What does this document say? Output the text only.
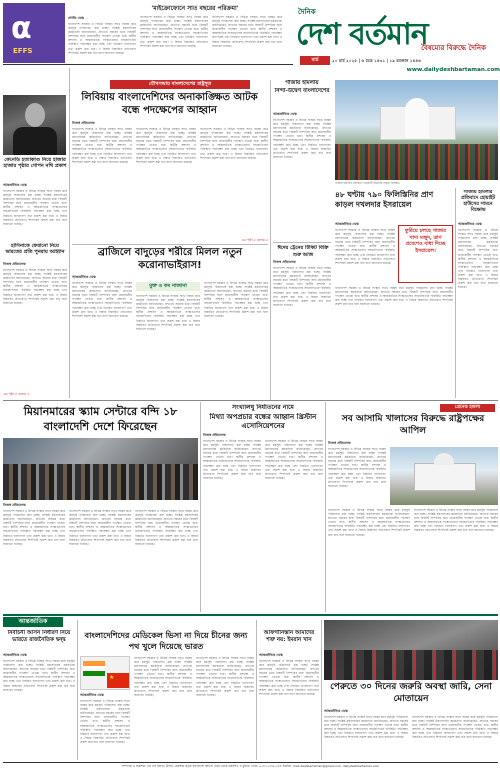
α
EFFS
'মাইক্রোফোনে সাত বছরের পরিক্রমা'
প্রগতি ডেস্ক
বাংলাদেশ সরকার ও বিভিন্ন সংস্থার সাথে সমন্বয় করে কর্মসূচি পরিচালনা করা হচ্ছে। সংশ্লিষ্ট মন্ত্রণালয়ের কর্মকর্তারা জানিয়েছেন, দ্রুততম সময়ের মধ্যে বিষয়টি নিষ্পত্তির জন্য প্রয়োজনীয় পদক্ষেপ নেওয়া হবে। স্থানীয় প্রশাসন ও আন্তর্জাতিক সংস্থাগুলোর সহযোগিতায় পরিস্থিতি পর্যবেক্ষণ করা হচ্ছে এবং নিয়মিত হালনাগাদ তথ্য প্রকাশ করা হবে। এ বিষয়ে বিস্তারিত প্রতিবেদন শিগগিরই প্রকাশ করা হবে বলে জানানো হয়েছে।
বাংলাদেশ সরকার ও বিভিন্ন সংস্থার সাথে সমন্বয় করে কর্মসূচি পরিচালনা করা হচ্ছে। সংশ্লিষ্ট মন্ত্রণালয়ের কর্মকর্তারা জানিয়েছেন, দ্রুততম সময়ের মধ্যে বিষয়টি নিষ্পত্তির জন্য প্রয়োজনীয় পদক্ষেপ নেওয়া হবে। স্থানীয় প্রশাসন ও আন্তর্জাতিক সংস্থাগুলোর সহযোগিতায় পরিস্থিতি পর্যবেক্ষণ করা হচ্ছে এবং নিয়মিত হালনাগাদ তথ্য প্রকাশ করা হবে। এ বিষয়ে বিস্তারিত প্রতিবেদন শিগগিরই প্রকাশ করা হবে বলে জানানো হয়েছে।
বাংলাদেশ সরকার ও বিভিন্ন সংস্থার সাথে সমন্বয় করে কর্মসূচি পরিচালনা করা হচ্ছে। সংশ্লিষ্ট মন্ত্রণালয়ের কর্মকর্তারা জানিয়েছেন, দ্রুততম সময়ের মধ্যে বিষয়টি নিষ্পত্তির জন্য প্রয়োজনীয় পদক্ষেপ নেওয়া হবে। স্থানীয় প্রশাসন ও আন্তর্জাতিক সংস্থাগুলোর সহযোগিতায় পরিস্থিতি পর্যবেক্ষণ করা হচ্ছে এবং নিয়মিত হালনাগাদ তথ্য প্রকাশ করা হবে। এ বিষয়ে বিস্তারিত প্রতিবেদন শিগগিরই প্রকাশ করা হবে বলে জানানো হয়েছে।
দৈনিক
দেশ বর্তমান
বৈষম্যের বিরুদ্ধে দৈনিক
মার্চ	২০ মার্চ ২০২৫ | ৬ চৈত্র ১৪৩১ | ১৯ রমজান ১৪৪৬
www.dailydeshbartaman.com
কেনেডি হত্যাকাণ্ড নিয়ে হাজার হাজার পৃষ্ঠার গোপন নথি প্রকাশ
আন্তর্জাতিক ডেস্ক
বাংলাদেশ সরকার ও বিভিন্ন সংস্থার সাথে সমন্বয় করে কর্মসূচি পরিচালনা করা হচ্ছে। সংশ্লিষ্ট মন্ত্রণালয়ের কর্মকর্তারা জানিয়েছেন, দ্রুততম সময়ের মধ্যে বিষয়টি নিষ্পত্তির জন্য প্রয়োজনীয় পদক্ষেপ নেওয়া হবে। স্থানীয় প্রশাসন ও আন্তর্জাতিক সংস্থাগুলোর সহযোগিতায় পরিস্থিতি পর্যবেক্ষণ করা হচ্ছে এবং নিয়মিত হালনাগাদ তথ্য প্রকাশ করা হবে। এ বিষয়ে বিস্তারিত প্রতিবেদন শিগগিরই প্রকাশ করা হবে বলে জানানো হয়েছে।
হাসিনাকে ফেরানো নিয়ে ভারতের প্রতি পুনরায় আহ্বান
নিজস্ব প্রতিবেদক
বাংলাদেশ সরকার ও বিভিন্ন সংস্থার সাথে সমন্বয় করে কর্মসূচি পরিচালনা করা হচ্ছে। সংশ্লিষ্ট মন্ত্রণালয়ের কর্মকর্তারা জানিয়েছেন, দ্রুততম সময়ের মধ্যে বিষয়টি নিষ্পত্তির জন্য প্রয়োজনীয় পদক্ষেপ নেওয়া হবে। স্থানীয় প্রশাসন ও আন্তর্জাতিক সংস্থাগুলোর সহযোগিতায় পরিস্থিতি পর্যবেক্ষণ করা হচ্ছে এবং নিয়মিত হালনাগাদ তথ্য প্রকাশ করা হবে। এ বিষয়ে বিস্তারিত প্রতিবেদন শিগগিরই প্রকাশ করা হবে বলে জানানো হয়েছে।
এর পৃষ্ঠা ৮ কলাম ৫
যৌথসভায় বাংলাদেশের রাষ্ট্রদূত
লিবিয়ায় বাংলাদেশিদের অনাকাঙ্ক্ষিত আটক বন্ধে পদক্ষেপের আহ্বান
নিজস্ব প্রতিবেদক
বাংলাদেশ সরকার ও বিভিন্ন সংস্থার সাথে সমন্বয় করে কর্মসূচি পরিচালনা করা হচ্ছে। সংশ্লিষ্ট মন্ত্রণালয়ের কর্মকর্তারা জানিয়েছেন, দ্রুততম সময়ের মধ্যে বিষয়টি নিষ্পত্তির জন্য প্রয়োজনীয় পদক্ষেপ নেওয়া হবে। স্থানীয় প্রশাসন ও আন্তর্জাতিক সংস্থাগুলোর সহযোগিতায় পরিস্থিতি পর্যবেক্ষণ করা হচ্ছে এবং নিয়মিত হালনাগাদ তথ্য প্রকাশ করা হবে। এ বিষয়ে বিস্তারিত প্রতিবেদন শিগগিরই প্রকাশ করা হবে বলে জানানো হয়েছে।
বাংলাদেশ সরকার ও বিভিন্ন সংস্থার সাথে সমন্বয় করে কর্মসূচি পরিচালনা করা হচ্ছে। সংশ্লিষ্ট মন্ত্রণালয়ের কর্মকর্তারা জানিয়েছেন, দ্রুততম সময়ের মধ্যে বিষয়টি নিষ্পত্তির জন্য প্রয়োজনীয় পদক্ষেপ নেওয়া হবে। স্থানীয় প্রশাসন ও আন্তর্জাতিক সংস্থাগুলোর সহযোগিতায় পরিস্থিতি পর্যবেক্ষণ করা হচ্ছে এবং নিয়মিত হালনাগাদ তথ্য প্রকাশ করা হবে। এ বিষয়ে বিস্তারিত প্রতিবেদন শিগগিরই প্রকাশ করা হবে বলে জানানো হয়েছে।
বাংলাদেশ সরকার ও বিভিন্ন সংস্থার সাথে সমন্বয় করে কর্মসূচি পরিচালনা করা হচ্ছে। সংশ্লিষ্ট মন্ত্রণালয়ের কর্মকর্তারা জানিয়েছেন, দ্রুততম সময়ের মধ্যে বিষয়টি নিষ্পত্তির জন্য প্রয়োজনীয় পদক্ষেপ নেওয়া হবে। স্থানীয় প্রশাসন ও আন্তর্জাতিক সংস্থাগুলোর সহযোগিতায় পরিস্থিতি পর্যবেক্ষণ করা হচ্ছে এবং নিয়মিত হালনাগাদ তথ্য প্রকাশ করা হবে। এ বিষয়ে বিস্তারিত প্রতিবেদন শিগগিরই প্রকাশ করা হবে বলে জানানো হয়েছে।
এর পৃষ্ঠা ৮ কলাম ৫
গাজায় হামলায়
নিন্দা-উদ্বেগ বাংলাদেশের
আন্তর্জাতিক ডেস্ক
বাংলাদেশ সরকার ও বিভিন্ন সংস্থার সাথে সমন্বয় করে কর্মসূচি পরিচালনা করা হচ্ছে। সংশ্লিষ্ট মন্ত্রণালয়ের কর্মকর্তারা জানিয়েছেন, দ্রুততম সময়ের মধ্যে বিষয়টি নিষ্পত্তির জন্য প্রয়োজনীয় পদক্ষেপ নেওয়া হবে। স্থানীয় প্রশাসন ও আন্তর্জাতিক সংস্থাগুলোর সহযোগিতায় পরিস্থিতি পর্যবেক্ষণ করা হচ্ছে এবং নিয়মিত হালনাগাদ তথ্য প্রকাশ করা হবে। এ বিষয়ে বিস্তারিত প্রতিবেদন শিগগিরই প্রকাশ করা হবে বলে জানানো হয়েছে।
গাজায় হামলার প্রতিবাদে হোয়াইট হাউসের সামনে বিক্ষোভ
৪৮ ঘণ্টায় ৭৯০ ফিলিস্তিনির প্রাণ কাড়ল দখলদার ইসরায়েল
গাজায় হামলার প্রতিবাদে হোয়াইট হাউসের সামনে বিক্ষোভ
আন্তর্জাতিক ডেস্ক
ঈদের ট্রেনের টিকিট বিক্রি শুরু আজ
নিজস্ব প্রতিবেদক
বাংলাদেশ সরকার ও বিভিন্ন সংস্থার সাথে সমন্বয় করে কর্মসূচি পরিচালনা করা হচ্ছে। সংশ্লিষ্ট মন্ত্রণালয়ের কর্মকর্তারা জানিয়েছেন, দ্রুততম সময়ের মধ্যে বিষয়টি নিষ্পত্তির জন্য প্রয়োজনীয় পদক্ষেপ নেওয়া হবে। স্থানীয় প্রশাসন ও আন্তর্জাতিক সংস্থাগুলোর সহযোগিতায় পরিস্থিতি পর্যবেক্ষণ করা হচ্ছে এবং নিয়মিত হালনাগাদ তথ্য প্রকাশ করা হবে। এ বিষয়ে বিস্তারিত প্রতিবেদন শিগগিরই প্রকাশ করা হবে বলে জানানো হয়েছে।
বাংলাদেশ সরকার ও বিভিন্ন সংস্থার সাথে সমন্বয় করে কর্মসূচি পরিচালনা করা হচ্ছে। সংশ্লিষ্ট মন্ত্রণালয়ের কর্মকর্তারা জানিয়েছেন, দ্রুততম সময়ের মধ্যে বিষয়টি নিষ্পত্তির জন্য প্রয়োজনীয় পদক্ষেপ নেওয়া হবে। স্থানীয় প্রশাসন ও আন্তর্জাতিক সংস্থাগুলোর সহযোগিতায় পরিস্থিতি পর্যবেক্ষণ করা হচ্ছে এবং নিয়মিত হালনাগাদ তথ্য প্রকাশ করা হবে। এ বিষয়ে বিস্তারিত প্রতিবেদন শিগগিরই প্রকাশ করা হবে বলে জানানো হয়েছে।
ফুরিয়ে চলছে গাজার খাদ্য মজুদ, ত্রাণ প্রবেশেও বাধা দিচ্ছে ইসরায়েল।
বাংলাদেশ সরকার ও বিভিন্ন সংস্থার সাথে সমন্বয় করে কর্মসূচি পরিচালনা করা হচ্ছে। সংশ্লিষ্ট মন্ত্রণালয়ের কর্মকর্তারা জানিয়েছেন, দ্রুততম সময়ের মধ্যে বিষয়টি নিষ্পত্তির জন্য প্রয়োজনীয় পদক্ষেপ নেওয়া হবে। স্থানীয় প্রশাসন ও আন্তর্জাতিক সংস্থাগুলোর সহযোগিতায় পরিস্থিতি পর্যবেক্ষণ করা হচ্ছে এবং নিয়মিত হালনাগাদ তথ্য প্রকাশ করা হবে। এ বিষয়ে বিস্তারিত প্রতিবেদন শিগগিরই প্রকাশ করা হবে বলে জানানো হয়েছে।
আন্তর্জাতিক ডেস্ক
বাংলাদেশ সরকার ও বিভিন্ন সংস্থার সাথে সমন্বয় করে কর্মসূচি পরিচালনা করা হচ্ছে। সংশ্লিষ্ট মন্ত্রণালয়ের কর্মকর্তারা জানিয়েছেন, দ্রুততম সময়ের মধ্যে বিষয়টি নিষ্পত্তির জন্য প্রয়োজনীয় পদক্ষেপ নেওয়া হবে। স্থানীয় প্রশাসন ও আন্তর্জাতিক সংস্থাগুলোর সহযোগিতায় পরিস্থিতি পর্যবেক্ষণ করা হচ্ছে এবং নিয়মিত হালনাগাদ তথ্য প্রকাশ করা হবে। এ বিষয়ে বিস্তারিত প্রতিবেদন শিগগিরই প্রকাশ করা হবে বলে জানানো হয়েছে।
ব্রাজিলে বাদুড়ের শরীরে মিলল নতুন করোনাভাইরাস!
আন্তর্জাতিক ডেস্ক
বাংলাদেশ সরকার ও বিভিন্ন সংস্থার সাথে সমন্বয় করে কর্মসূচি পরিচালনা করা হচ্ছে। সংশ্লিষ্ট মন্ত্রণালয়ের কর্মকর্তারা জানিয়েছেন, দ্রুততম সময়ের মধ্যে বিষয়টি নিষ্পত্তির জন্য প্রয়োজনীয় পদক্ষেপ নেওয়া হবে। স্থানীয় প্রশাসন ও আন্তর্জাতিক সংস্থাগুলোর সহযোগিতায় পরিস্থিতি পর্যবেক্ষণ করা হচ্ছে এবং নিয়মিত হালনাগাদ তথ্য প্রকাশ করা হবে। এ বিষয়ে বিস্তারিত প্রতিবেদন শিগগিরই প্রকাশ করা হবে বলে জানানো হয়েছে।
মুক্ত ও কম নাজানা
বাংলাদেশ সরকার ও বিভিন্ন সংস্থার সাথে সমন্বয় করে কর্মসূচি পরিচালনা করা হচ্ছে। সংশ্লিষ্ট মন্ত্রণালয়ের কর্মকর্তারা জানিয়েছেন, দ্রুততম সময়ের মধ্যে বিষয়টি নিষ্পত্তির জন্য প্রয়োজনীয় পদক্ষেপ নেওয়া হবে। স্থানীয় প্রশাসন ও আন্তর্জাতিক সংস্থাগুলোর সহযোগিতায় পরিস্থিতি পর্যবেক্ষণ করা হচ্ছে এবং নিয়মিত হালনাগাদ তথ্য প্রকাশ করা হবে। এ বিষয়ে বিস্তারিত প্রতিবেদন শিগগিরই প্রকাশ করা হবে বলে জানানো হয়েছে।
বাংলাদেশ সরকার ও বিভিন্ন সংস্থার সাথে সমন্বয় করে কর্মসূচি পরিচালনা করা হচ্ছে। সংশ্লিষ্ট মন্ত্রণালয়ের কর্মকর্তারা জানিয়েছেন, দ্রুততম সময়ের মধ্যে বিষয়টি নিষ্পত্তির জন্য প্রয়োজনীয় পদক্ষেপ নেওয়া হবে। স্থানীয় প্রশাসন ও আন্তর্জাতিক সংস্থাগুলোর সহযোগিতায় পরিস্থিতি পর্যবেক্ষণ করা হচ্ছে এবং নিয়মিত হালনাগাদ তথ্য প্রকাশ করা হবে। এ বিষয়ে বিস্তারিত প্রতিবেদন শিগগিরই প্রকাশ করা হবে বলে জানানো হয়েছে।
মিয়ানমারের স্ক্যাম সেন্টারে বন্দি ১৮ বাংলাদেশি দেশে ফিরেছেন
নিজস্ব প্রতিবেদক
বাংলাদেশ সরকার ও বিভিন্ন সংস্থার সাথে সমন্বয় করে কর্মসূচি পরিচালনা করা হচ্ছে। সংশ্লিষ্ট মন্ত্রণালয়ের কর্মকর্তারা জানিয়েছেন, দ্রুততম সময়ের মধ্যে বিষয়টি নিষ্পত্তির জন্য প্রয়োজনীয় পদক্ষেপ নেওয়া হবে। স্থানীয় প্রশাসন ও আন্তর্জাতিক সংস্থাগুলোর সহযোগিতায় পরিস্থিতি পর্যবেক্ষণ করা হচ্ছে এবং নিয়মিত হালনাগাদ তথ্য প্রকাশ করা হবে। এ বিষয়ে বিস্তারিত প্রতিবেদন শিগগিরই প্রকাশ করা হবে বলে জানানো হয়েছে।
বাংলাদেশ সরকার ও বিভিন্ন সংস্থার সাথে সমন্বয় করে কর্মসূচি পরিচালনা করা হচ্ছে। সংশ্লিষ্ট মন্ত্রণালয়ের কর্মকর্তারা জানিয়েছেন, দ্রুততম সময়ের মধ্যে বিষয়টি নিষ্পত্তির জন্য প্রয়োজনীয় পদক্ষেপ নেওয়া হবে। স্থানীয় প্রশাসন ও আন্তর্জাতিক সংস্থাগুলোর সহযোগিতায় পরিস্থিতি পর্যবেক্ষণ করা হচ্ছে এবং নিয়মিত হালনাগাদ তথ্য প্রকাশ করা হবে। এ বিষয়ে বিস্তারিত প্রতিবেদন শিগগিরই প্রকাশ করা হবে বলে জানানো হয়েছে।
বাংলাদেশ সরকার ও বিভিন্ন সংস্থার সাথে সমন্বয় করে কর্মসূচি পরিচালনা করা হচ্ছে। সংশ্লিষ্ট মন্ত্রণালয়ের কর্মকর্তারা জানিয়েছেন, দ্রুততম সময়ের মধ্যে বিষয়টি নিষ্পত্তির জন্য প্রয়োজনীয় পদক্ষেপ নেওয়া হবে। স্থানীয় প্রশাসন ও আন্তর্জাতিক সংস্থাগুলোর সহযোগিতায় পরিস্থিতি পর্যবেক্ষণ করা হচ্ছে এবং নিয়মিত হালনাগাদ তথ্য প্রকাশ করা হবে। এ বিষয়ে বিস্তারিত প্রতিবেদন শিগগিরই প্রকাশ করা হবে বলে জানানো হয়েছে।
সংখ্যালঘু নির্যাতনের নামে
মিথ্যা অপপ্রচার বন্ধের আহ্বান খ্রিস্টান এসোসিয়েশনের
নিজস্ব প্রতিবেদক
বাংলাদেশ সরকার ও বিভিন্ন সংস্থার সাথে সমন্বয় করে কর্মসূচি পরিচালনা করা হচ্ছে। সংশ্লিষ্ট মন্ত্রণালয়ের কর্মকর্তারা জানিয়েছেন, দ্রুততম সময়ের মধ্যে বিষয়টি নিষ্পত্তির জন্য প্রয়োজনীয় পদক্ষেপ নেওয়া হবে। স্থানীয় প্রশাসন ও আন্তর্জাতিক সংস্থাগুলোর সহযোগিতায় পরিস্থিতি পর্যবেক্ষণ করা হচ্ছে এবং নিয়মিত হালনাগাদ তথ্য প্রকাশ করা হবে। এ বিষয়ে বিস্তারিত প্রতিবেদন শিগগিরই প্রকাশ করা হবে বলে জানানো হয়েছে।
বাংলাদেশ সরকার ও বিভিন্ন সংস্থার সাথে সমন্বয় করে কর্মসূচি পরিচালনা করা হচ্ছে। সংশ্লিষ্ট মন্ত্রণালয়ের কর্মকর্তারা জানিয়েছেন, দ্রুততম সময়ের মধ্যে বিষয়টি নিষ্পত্তির জন্য প্রয়োজনীয় পদক্ষেপ নেওয়া হবে। স্থানীয় প্রশাসন ও আন্তর্জাতিক সংস্থাগুলোর সহযোগিতায় পরিস্থিতি পর্যবেক্ষণ করা হচ্ছে এবং নিয়মিত হালনাগাদ তথ্য প্রকাশ করা হবে। এ বিষয়ে বিস্তারিত প্রতিবেদন শিগগিরই প্রকাশ করা হবে বলে জানানো হয়েছে।
গ্রেনেড হামলা
সব আসামি খালাসের বিরুদ্ধে রাষ্ট্রপক্ষের আপিল
নিজস্ব প্রতিবেদক
বাংলাদেশ সরকার ও বিভিন্ন সংস্থার সাথে সমন্বয় করে কর্মসূচি পরিচালনা করা হচ্ছে। সংশ্লিষ্ট মন্ত্রণালয়ের কর্মকর্তারা জানিয়েছেন, দ্রুততম সময়ের মধ্যে বিষয়টি নিষ্পত্তির জন্য প্রয়োজনীয় পদক্ষেপ নেওয়া হবে। স্থানীয় প্রশাসন ও আন্তর্জাতিক সংস্থাগুলোর সহযোগিতায় পরিস্থিতি পর্যবেক্ষণ করা হচ্ছে এবং নিয়মিত হালনাগাদ তথ্য প্রকাশ করা হবে। এ বিষয়ে বিস্তারিত প্রতিবেদন শিগগিরই প্রকাশ করা হবে বলে জানানো হয়েছে।
বাংলাদেশ সরকার ও বিভিন্ন সংস্থার সাথে সমন্বয় করে কর্মসূচি পরিচালনা করা হচ্ছে। সংশ্লিষ্ট মন্ত্রণালয়ের কর্মকর্তারা জানিয়েছেন, দ্রুততম সময়ের মধ্যে বিষয়টি নিষ্পত্তির জন্য প্রয়োজনীয় পদক্ষেপ নেওয়া হবে। স্থানীয় প্রশাসন ও আন্তর্জাতিক সংস্থাগুলোর সহযোগিতায় পরিস্থিতি পর্যবেক্ষণ করা হচ্ছে এবং নিয়মিত হালনাগাদ তথ্য প্রকাশ করা হবে। এ বিষয়ে বিস্তারিত প্রতিবেদন শিগগিরই প্রকাশ করা হবে বলে জানানো হয়েছে।
বাংলাদেশ সরকার ও বিভিন্ন সংস্থার সাথে সমন্বয় করে কর্মসূচি পরিচালনা করা হচ্ছে। সংশ্লিষ্ট মন্ত্রণালয়ের কর্মকর্তারা জানিয়েছেন, দ্রুততম সময়ের মধ্যে বিষয়টি নিষ্পত্তির জন্য প্রয়োজনীয় পদক্ষেপ নেওয়া হবে। স্থানীয় প্রশাসন ও আন্তর্জাতিক সংস্থাগুলোর সহযোগিতায় পরিস্থিতি পর্যবেক্ষণ করা হচ্ছে এবং নিয়মিত হালনাগাদ তথ্য প্রকাশ করা হবে। এ বিষয়ে বিস্তারিত প্রতিবেদন শিগগিরই প্রকাশ করা হবে বলে জানানো হয়েছে।
আন্তর্জাতিক
নির্বাচনী আসন নির্ধারণ নিয়ে ভারতে রাজনৈতিক দ্বন্দ্ব
আন্তর্জাতিক ডেস্ক
বাংলাদেশ সরকার ও বিভিন্ন সংস্থার সাথে সমন্বয় করে কর্মসূচি পরিচালনা করা হচ্ছে। সংশ্লিষ্ট মন্ত্রণালয়ের কর্মকর্তারা জানিয়েছেন, দ্রুততম সময়ের মধ্যে বিষয়টি নিষ্পত্তির জন্য প্রয়োজনীয় পদক্ষেপ নেওয়া হবে। স্থানীয় প্রশাসন ও আন্তর্জাতিক সংস্থাগুলোর সহযোগিতায় পরিস্থিতি পর্যবেক্ষণ করা হচ্ছে এবং নিয়মিত হালনাগাদ তথ্য প্রকাশ করা হবে। এ বিষয়ে বিস্তারিত প্রতিবেদন শিগগিরই প্রকাশ করা হবে বলে জানানো হয়েছে।
বাংলাদেশিদের মেডিকেল ভিসা না দিয়ে চীনের জন্য পথ খুলে দিয়েছে ভারত
★
আন্তর্জাতিক ডেস্ক
বাংলাদেশ সরকার ও বিভিন্ন সংস্থার সাথে সমন্বয় করে কর্মসূচি পরিচালনা করা হচ্ছে। সংশ্লিষ্ট মন্ত্রণালয়ের কর্মকর্তারা জানিয়েছেন, দ্রুততম সময়ের মধ্যে বিষয়টি নিষ্পত্তির জন্য প্রয়োজনীয় পদক্ষেপ নেওয়া হবে। স্থানীয় প্রশাসন ও আন্তর্জাতিক সংস্থাগুলোর সহযোগিতায় পরিস্থিতি পর্যবেক্ষণ করা হচ্ছে এবং নিয়মিত হালনাগাদ তথ্য প্রকাশ করা হবে। এ বিষয়ে বিস্তারিত প্রতিবেদন শিগগিরই প্রকাশ করা হবে বলে জানানো হয়েছে।
বাংলাদেশ সরকার ও বিভিন্ন সংস্থার সাথে সমন্বয় করে কর্মসূচি পরিচালনা করা হচ্ছে। সংশ্লিষ্ট মন্ত্রণালয়ের কর্মকর্তারা জানিয়েছেন, দ্রুততম সময়ের মধ্যে বিষয়টি নিষ্পত্তির জন্য প্রয়োজনীয় পদক্ষেপ নেওয়া হবে। স্থানীয় প্রশাসন ও আন্তর্জাতিক সংস্থাগুলোর সহযোগিতায় পরিস্থিতি পর্যবেক্ষণ করা হচ্ছে এবং নিয়মিত হালনাগাদ তথ্য প্রকাশ করা হবে। এ বিষয়ে বিস্তারিত প্রতিবেদন শিগগিরই প্রকাশ করা হবে বলে জানানো হয়েছে।
বাংলাদেশ সরকার ও বিভিন্ন সংস্থার সাথে সমন্বয় করে কর্মসূচি পরিচালনা করা হচ্ছে। সংশ্লিষ্ট মন্ত্রণালয়ের কর্মকর্তারা জানিয়েছেন, দ্রুততম সময়ের মধ্যে বিষয়টি নিষ্পত্তির জন্য প্রয়োজনীয় পদক্ষেপ নেওয়া হবে। স্থানীয় প্রশাসন ও আন্তর্জাতিক সংস্থাগুলোর সহযোগিতায় পরিস্থিতি পর্যবেক্ষণ করা হচ্ছে এবং নিয়মিত হালনাগাদ তথ্য প্রকাশ করা হবে। এ বিষয়ে বিস্তারিত প্রতিবেদন শিগগিরই প্রকাশ করা হবে বলে জানানো হয়েছে।
আফগানিস্তান আমাদের শত্রু নয়: ইমরান খান
আন্তর্জাতিক ডেস্ক
বাংলাদেশ সরকার ও বিভিন্ন সংস্থার সাথে সমন্বয় করে কর্মসূচি পরিচালনা করা হচ্ছে। সংশ্লিষ্ট মন্ত্রণালয়ের কর্মকর্তারা জানিয়েছেন, দ্রুততম সময়ের মধ্যে বিষয়টি নিষ্পত্তির জন্য প্রয়োজনীয় পদক্ষেপ নেওয়া হবে। স্থানীয় প্রশাসন ও আন্তর্জাতিক সংস্থাগুলোর সহযোগিতায় পরিস্থিতি পর্যবেক্ষণ করা হচ্ছে এবং নিয়মিত হালনাগাদ তথ্য প্রকাশ করা হবে। এ বিষয়ে বিস্তারিত প্রতিবেদন শিগগিরই প্রকাশ করা হবে বলে জানানো হয়েছে।
পেরুতে ৩০ দিনের জরুরি অবস্থা জারি, সেনা মোতায়েন
আন্তর্জাতিক ডেস্ক
বাংলাদেশ সরকার ও বিভিন্ন সংস্থার সাথে সমন্বয় করে কর্মসূচি পরিচালনা করা হচ্ছে। সংশ্লিষ্ট মন্ত্রণালয়ের কর্মকর্তারা জানিয়েছেন, দ্রুততম সময়ের মধ্যে বিষয়টি নিষ্পত্তির জন্য প্রয়োজনীয় পদক্ষেপ নেওয়া হবে। স্থানীয় প্রশাসন ও আন্তর্জাতিক সংস্থাগুলোর সহযোগিতায় পরিস্থিতি পর্যবেক্ষণ করা হচ্ছে এবং নিয়মিত হালনাগাদ তথ্য প্রকাশ করা হবে। এ বিষয়ে বিস্তারিত প্রতিবেদন শিগগিরই প্রকাশ করা হবে বলে জানানো হয়েছে।
বাংলাদেশ সরকার ও বিভিন্ন সংস্থার সাথে সমন্বয় করে কর্মসূচি পরিচালনা করা হচ্ছে। সংশ্লিষ্ট মন্ত্রণালয়ের কর্মকর্তারা জানিয়েছেন, দ্রুততম সময়ের মধ্যে বিষয়টি নিষ্পত্তির জন্য প্রয়োজনীয় পদক্ষেপ নেওয়া হবে। স্থানীয় প্রশাসন ও আন্তর্জাতিক সংস্থাগুলোর সহযোগিতায় পরিস্থিতি পর্যবেক্ষণ করা হচ্ছে এবং নিয়মিত হালনাগাদ তথ্য প্রকাশ করা হবে। এ বিষয়ে বিস্তারিত প্রতিবেদন শিগগিরই প্রকাশ করা হবে বলে জানানো হয়েছে।
সম্পাদক ও প্রকাশক: এম এস রিফাত উদ্দিন, প্রকাশক কর্তৃক বাংলাদেশ অফিস, ঢাকা থেকে প্রকাশিত ও মুদ্রিত। ফোন: ০১৮১৫-৮৬৫৫৮৮ ইমেইল: mail.deshbartaman@gmail.com, dailydeshbartaman.com
